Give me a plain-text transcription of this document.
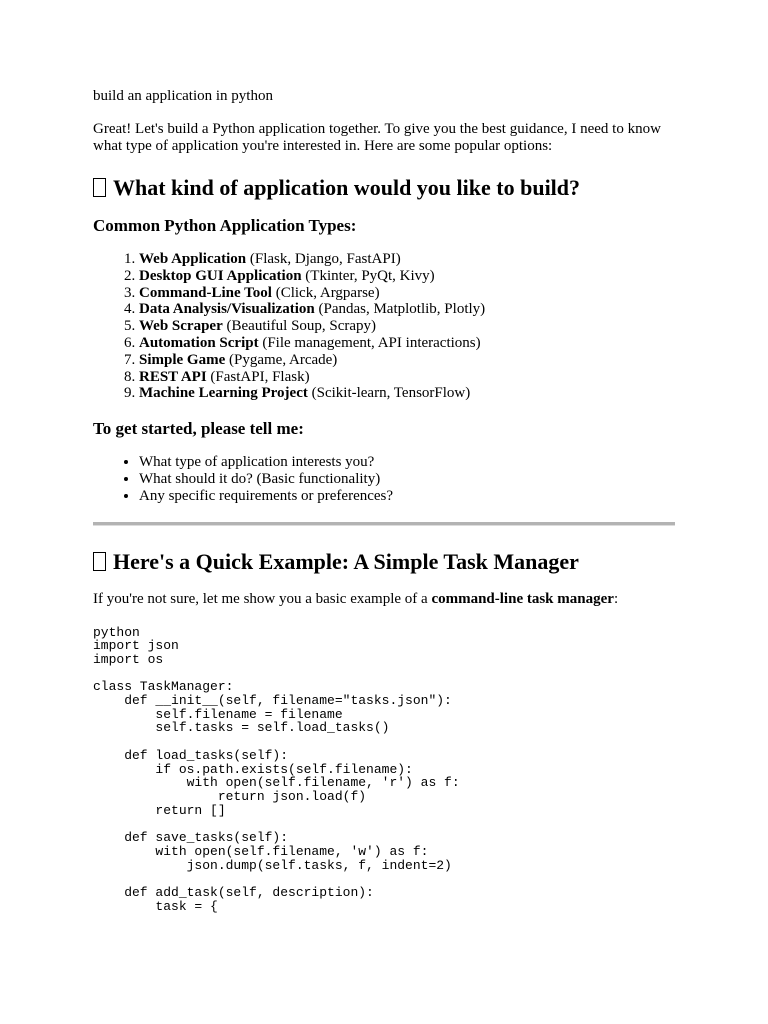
build an application in python

Great! Let's build a Python application together. To give you the best guidance, I need to know what type of application you're interested in. Here are some popular options:

What kind of application would you like to build?
Common Python Application Types:
1. Web Application (Flask, Django, FastAPI)
2. Desktop GUI Application (Tkinter, PyQt, Kivy)
3. Command-Line Tool (Click, Argparse)
4. Data Analysis/Visualization (Pandas, Matplotlib, Plotly)
5. Web Scraper (Beautiful Soup, Scrapy)
6. Automation Script (File management, API interactions)
7. Simple Game (Pygame, Arcade)
8. REST API (FastAPI, Flask)
9. Machine Learning Project (Scikit-learn, TensorFlow)
To get started, please tell me:
• What type of application interests you?
• What should it do? (Basic functionality)
• Any specific requirements or preferences?
Here's a Quick Example: A Simple Task Manager

If you're not sure, let me show you a basic example of a command-line task manager:

python
import json
import os

class TaskManager:
def __init__(self, filename="tasks.json"):
self.filename = filename
self.tasks = self.load_tasks()

def load_tasks(self):
if os.path.exists(self.filename):
with open(self.filename, 'r') as f:
return json.load(f)
return []

def save_tasks(self):
with open(self.filename, 'w') as f:
json.dump(self.tasks, f, indent=2)

def add_task(self, description):
task = {
